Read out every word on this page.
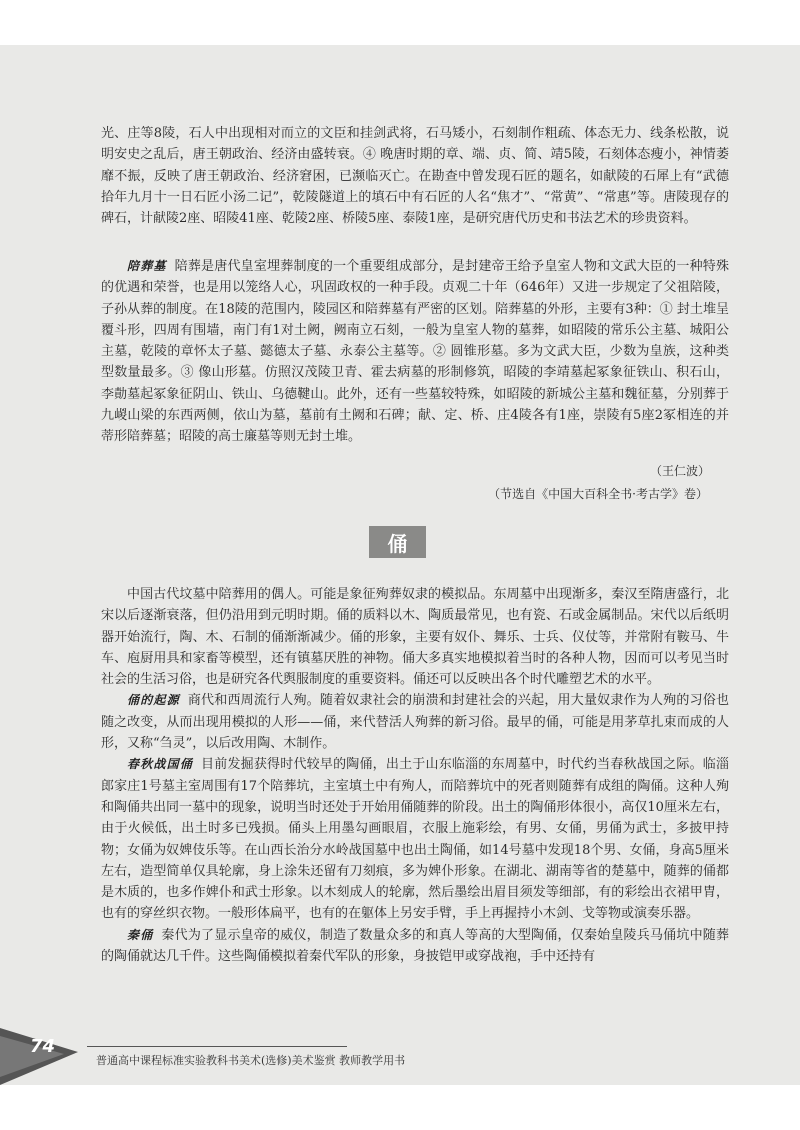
光、庄等8陵，石人中出现相对而立的文臣和挂剑武将，石马矮小，石刻制作粗疏、体态无力、线条松散，说明安史之乱后，唐王朝政治、经济由盛转衰。④ 晚唐时期的章、端、贞、简、靖5陵，石刻体态瘦小，神情萎靡不振，反映了唐王朝政治、经济窘困，已濒临灭亡。在勘查中曾发现石匠的题名，如献陵的石犀上有“武德拾年九月十一日石匠小汤二记”，乾陵隧道上的填石中有石匠的人名“焦才”、“常黄”、“常惠”等。唐陵现存的碑石，计献陵2座、昭陵41座、乾陵2座、桥陵5座、泰陵1座，是研究唐代历史和书法艺术的珍贵资料。

陪葬墓 陪葬是唐代皇室埋葬制度的一个重要组成部分，是封建帝王给予皇室人物和文武大臣的一种特殊的优遇和荣誉，也是用以笼络人心，巩固政权的一种手段。贞观二十年（646年）又进一步规定了父祖陪陵，子孙从葬的制度。在18陵的范围内，陵园区和陪葬墓有严密的区划。陪葬墓的外形，主要有3种：① 封土堆呈覆斗形，四周有围墙，南门有1对土阙，阙南立石刻，一般为皇室人物的墓葬，如昭陵的常乐公主墓、城阳公主墓，乾陵的章怀太子墓、懿德太子墓、永泰公主墓等。② 圆锥形墓。多为文武大臣，少数为皇族，这种类型数量最多。③ 像山形墓。仿照汉茂陵卫青、霍去病墓的形制修筑，昭陵的李靖墓起冢象征铁山、积石山，李勣墓起冢象征阴山、铁山、乌德鞬山。此外，还有一些墓较特殊，如昭陵的新城公主墓和魏征墓，分别葬于九嵕山梁的东西两侧，依山为墓，墓前有土阙和石碑；献、定、桥、庄4陵各有1座，崇陵有5座2冢相连的并蒂形陪葬墓；昭陵的高士廉墓等则无封土堆。

（王仁波）
（节选自《中国大百科全书·考古学》卷）
俑

中国古代坟墓中陪葬用的偶人。可能是象征殉葬奴隶的模拟品。东周墓中出现渐多，秦汉至隋唐盛行，北宋以后逐渐衰落，但仍沿用到元明时期。俑的质料以木、陶质最常见，也有瓷、石或金属制品。宋代以后纸明器开始流行，陶、木、石制的俑渐渐减少。俑的形象，主要有奴仆、舞乐、士兵、仪仗等，并常附有鞍马、牛车、庖厨用具和家畜等模型，还有镇墓厌胜的神物。俑大多真实地模拟着当时的各种人物，因而可以考见当时社会的生活习俗，也是研究各代舆服制度的重要资料。俑还可以反映出各个时代雕塑艺术的水平。

俑的起源 商代和西周流行人殉。随着奴隶社会的崩溃和封建社会的兴起，用大量奴隶作为人殉的习俗也随之改变，从而出现用模拟的人形——俑，来代替活人殉葬的新习俗。最早的俑，可能是用茅草扎束而成的人形，又称“刍灵”，以后改用陶、木制作。

春秋战国俑 目前发掘获得时代较早的陶俑，出土于山东临淄的东周墓中，时代约当春秋战国之际。临淄郎家庄1号墓主室周围有17个陪葬坑，主室填土中有殉人，而陪葬坑中的死者则随葬有成组的陶俑。这种人殉和陶俑共出同一墓中的现象，说明当时还处于开始用俑随葬的阶段。出土的陶俑形体很小，高仅10厘米左右，由于火候低，出土时多已残损。俑头上用墨勾画眼眉，衣服上施彩绘，有男、女俑，男俑为武士，多披甲持物；女俑为奴婢伎乐等。在山西长治分水岭战国墓中也出土陶俑，如14号墓中发现18个男、女俑，身高5厘米左右，造型简单仅具轮廓，身上涂朱还留有刀刻痕，多为婢仆形象。在湖北、湖南等省的楚墓中，随葬的俑都是木质的，也多作婢仆和武士形象。以木刻成人的轮廓，然后墨绘出眉目须发等细部，有的彩绘出衣裙甲胄，也有的穿丝织衣物。一般形体扁平，也有的在躯体上另安手臂，手上再握持小木剑、戈等物或演奏乐器。

秦俑 秦代为了显示皇帝的威仪，制造了数量众多的和真人等高的大型陶俑，仅秦始皇陵兵马俑坑中随葬的陶俑就达几千件。这些陶俑模拟着秦代军队的形象，身披铠甲或穿战袍，手中还持有

74
普通高中课程标准实验教科书美术(选修)美术鉴赏 教师教学用书
